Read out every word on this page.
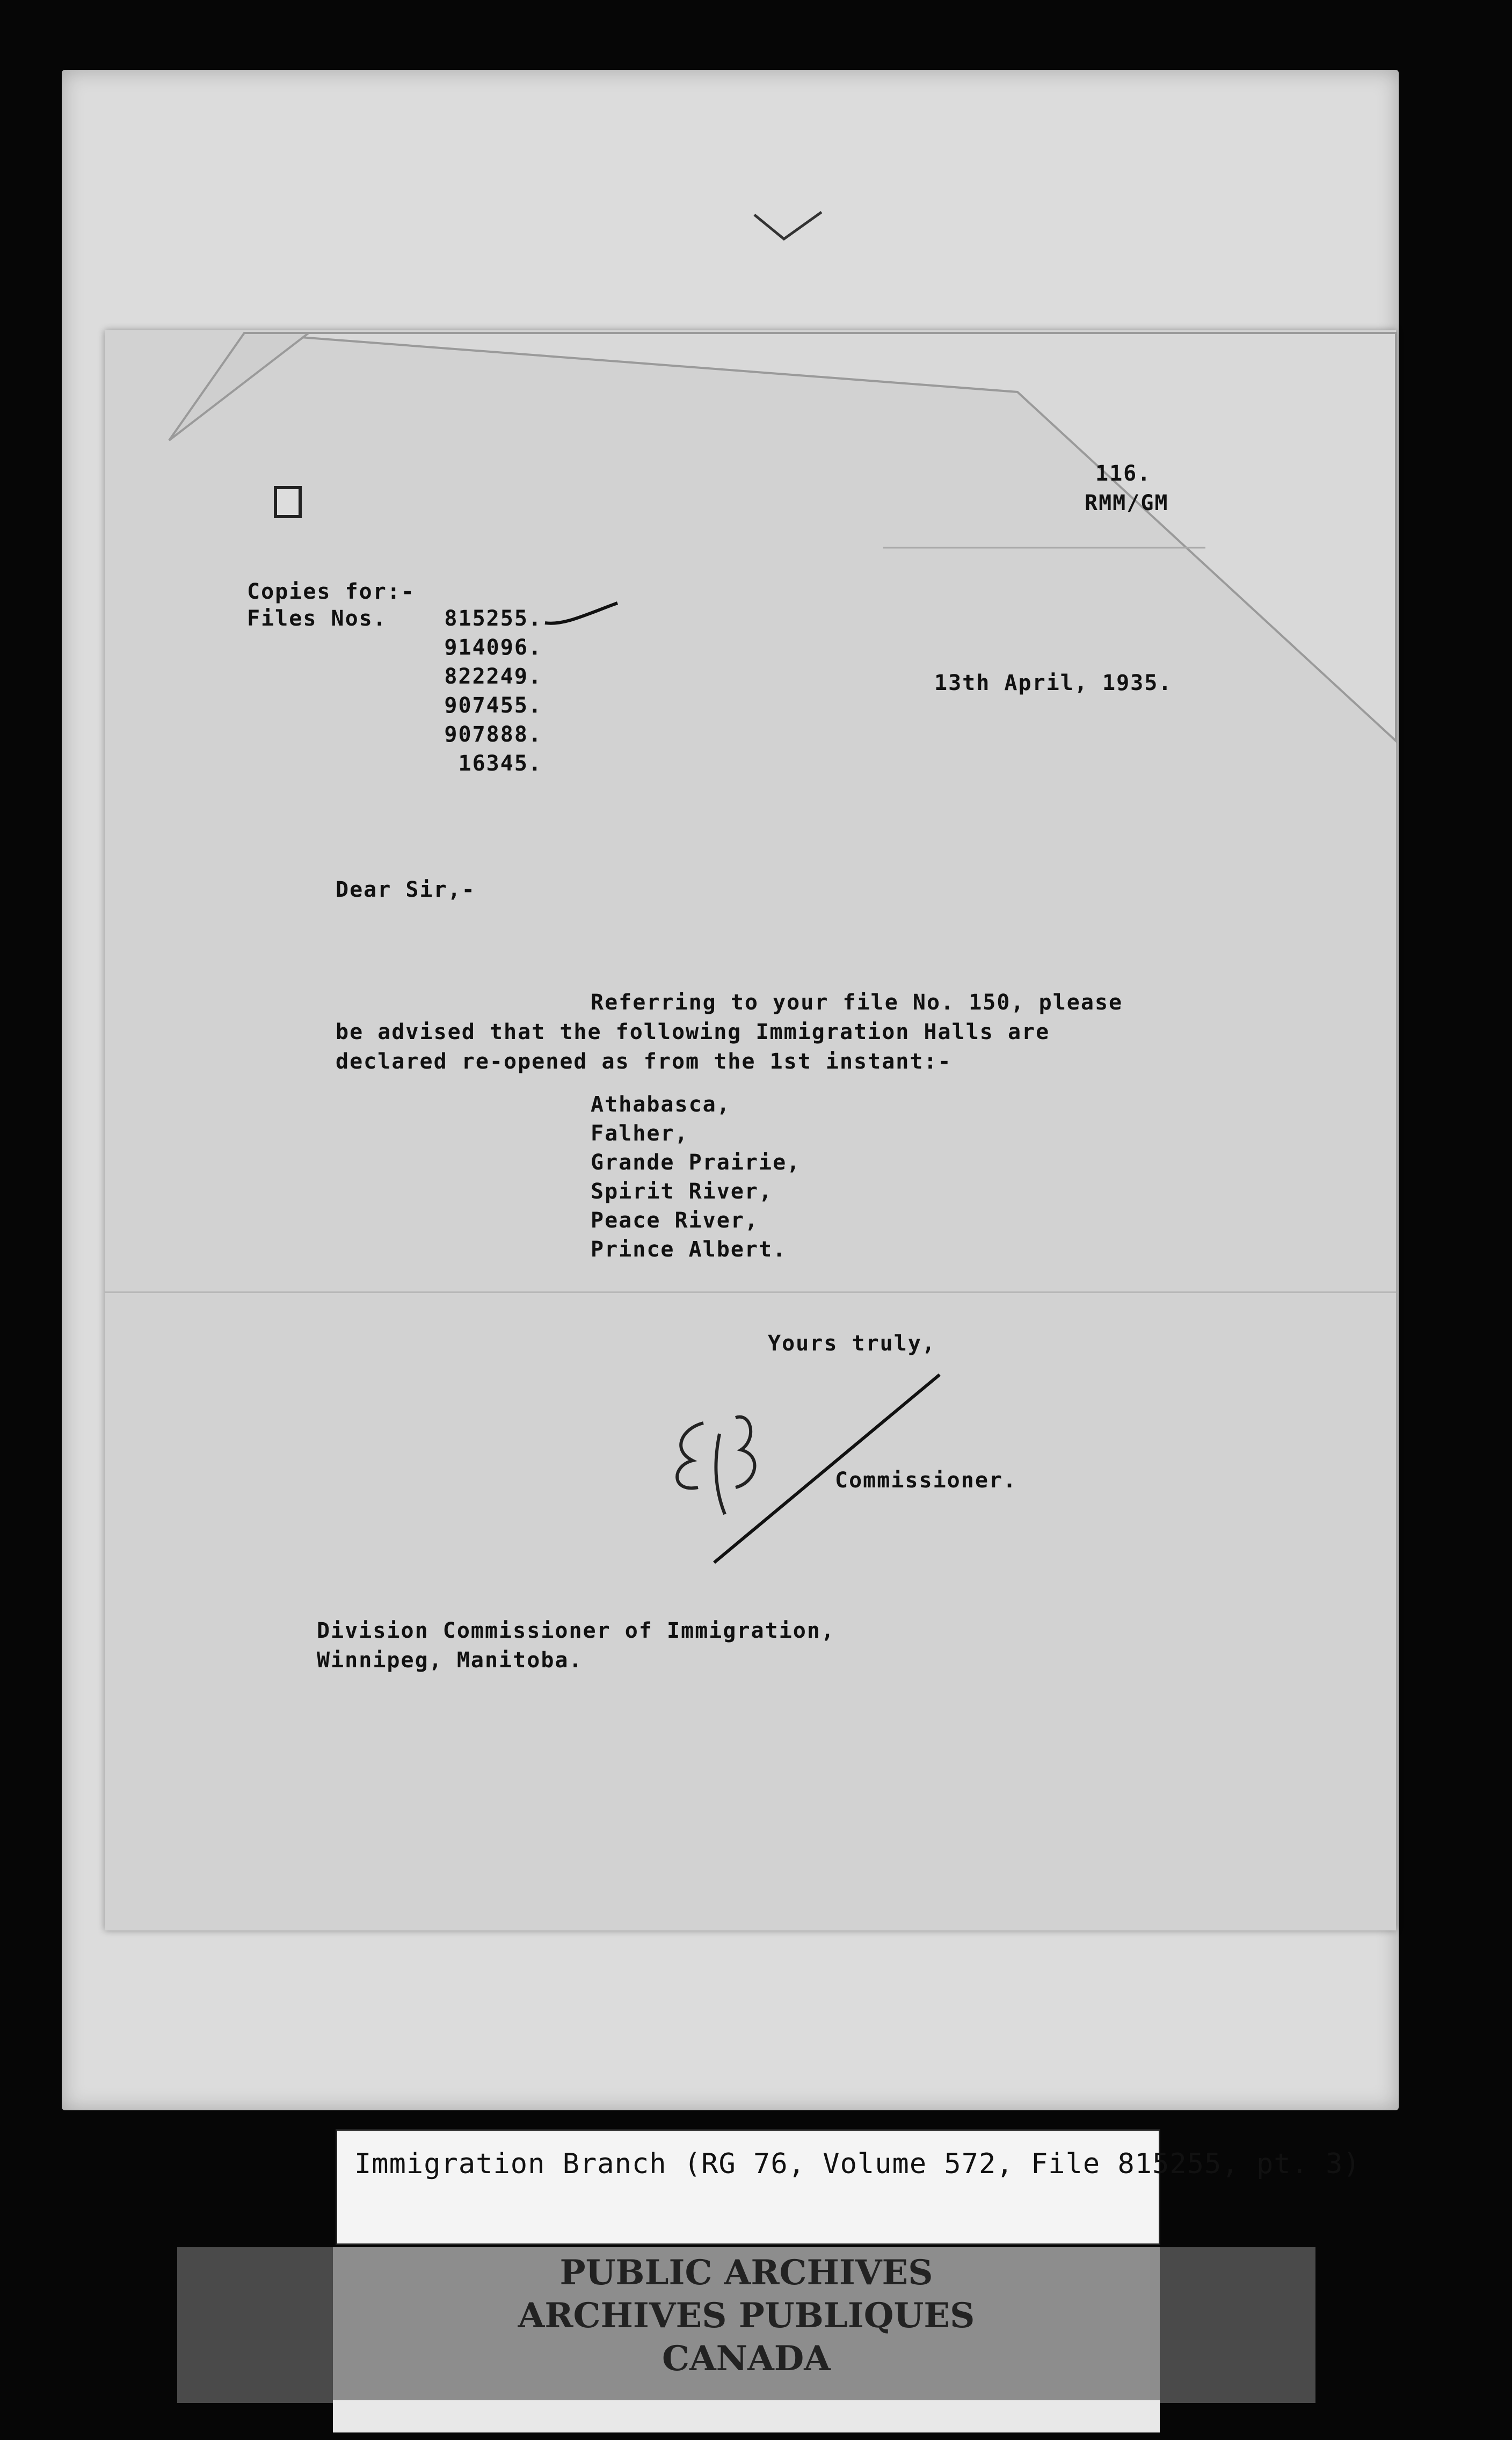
116.
RMM/GM
Copies for:-
Files Nos.	815255.
914096.
822249.
907455.
907888.
16345.
13th April, 1935.
Dear Sir,-
Referring to your file No. 150, please
be advised that the following Immigration Halls are
declared re-opened as from the 1st instant:-
Athabasca,
Falher,
Grande Prairie,
Spirit River,
Peace River,
Prince Albert.
Yours truly,
Commissioner.
Division Commissioner of Immigration,
Winnipeg, Manitoba.
Immigration Branch (RG 76, Volume 572, File 815255, pt. 3)
PUBLIC ARCHIVES
ARCHIVES PUBLIQUES
CANADA
